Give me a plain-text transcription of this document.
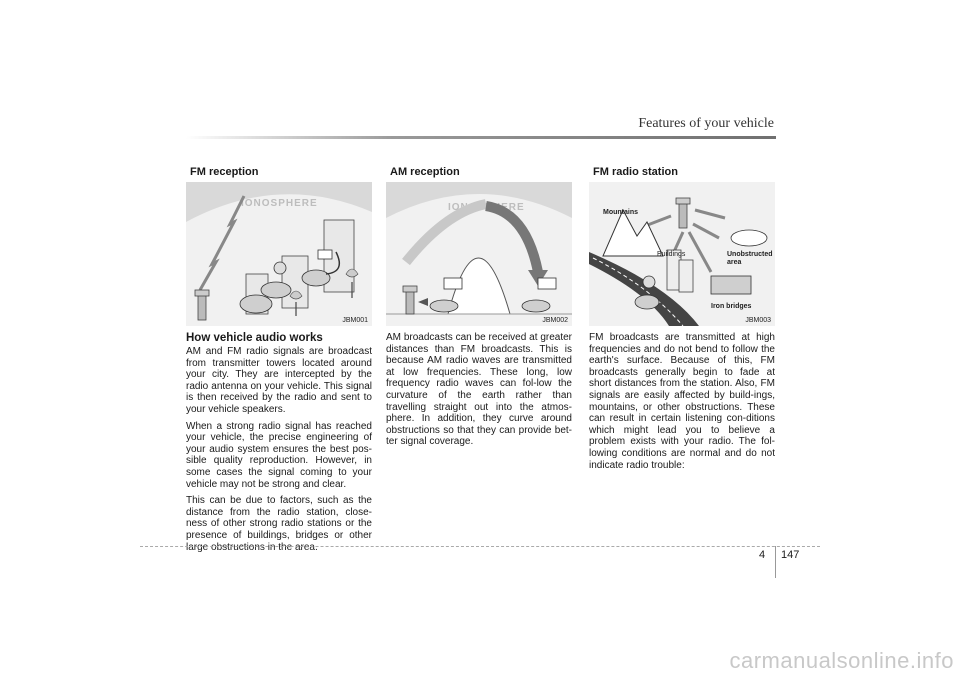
Features of your vehicle
FM reception
IONOSPHERE
JBM001
How vehicle audio works

AM and FM radio signals are broadcast from transmitter towers located around your city. They are intercepted by the radio antenna on your vehicle. This signal is then received by the radio and sent to your vehicle speakers.

When a strong radio signal has reached your vehicle, the precise engineering of your audio system ensures the best pos-sible quality reproduction. However, in some cases the signal coming to your vehicle may not be strong and clear.

This can be due to factors, such as the distance from the radio station, close-ness of other strong radio stations or the presence of buildings, bridges or other large obstructions in the area.

AM reception
IONOSPHERE
JBM002

AM broadcasts can be received at greater distances than FM broadcasts. This is because AM radio waves are transmitted at low frequencies. These long, low frequency radio waves can fol-low the curvature of the earth rather than travelling straight out into the atmos-phere. In addition, they curve around obstructions so that they can provide bet-ter signal coverage.

FM radio station
Mountains
Buildings	Unobstructed
area
Iron bridges
JBM003

FM broadcasts are transmitted at high frequencies and do not bend to follow the earth's surface. Because of this, FM broadcasts generally begin to fade at short distances from the station. Also, FM signals are easily affected by build-ings, mountains, or other obstructions. These can result in certain listening con-ditions which might lead you to believe a problem exists with your radio. The fol-lowing conditions are normal and do not indicate radio trouble:

4 147
carmanualsonline.info
